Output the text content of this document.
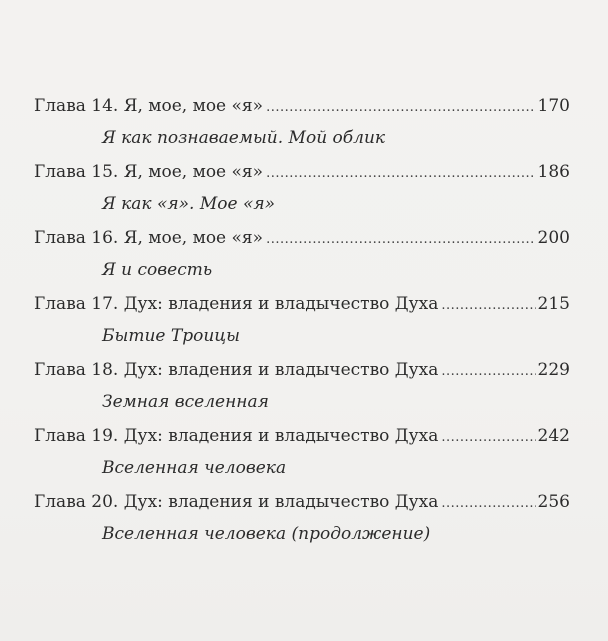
Глава 14. Я, мое, мое «я» .....	170
Я как познаваемый. Мой облик
Глава 15. Я, мое, мое «я» .....	186
Я как «я». Мое «я»
Глава 16. Я, мое, мое «я» .....	200
Я и совесть
Глава 17. Дух: владения и владычество Духа .....	215
Бытие Троицы
Глава 18. Дух: владения и владычество Духа .....	229
Земная вселенная
Глава 19. Дух: владения и владычество Духа .....	242
Вселенная человека
Глава 20. Дух: владения и владычество Духа .....	256
Вселенная человека (продолжение)
